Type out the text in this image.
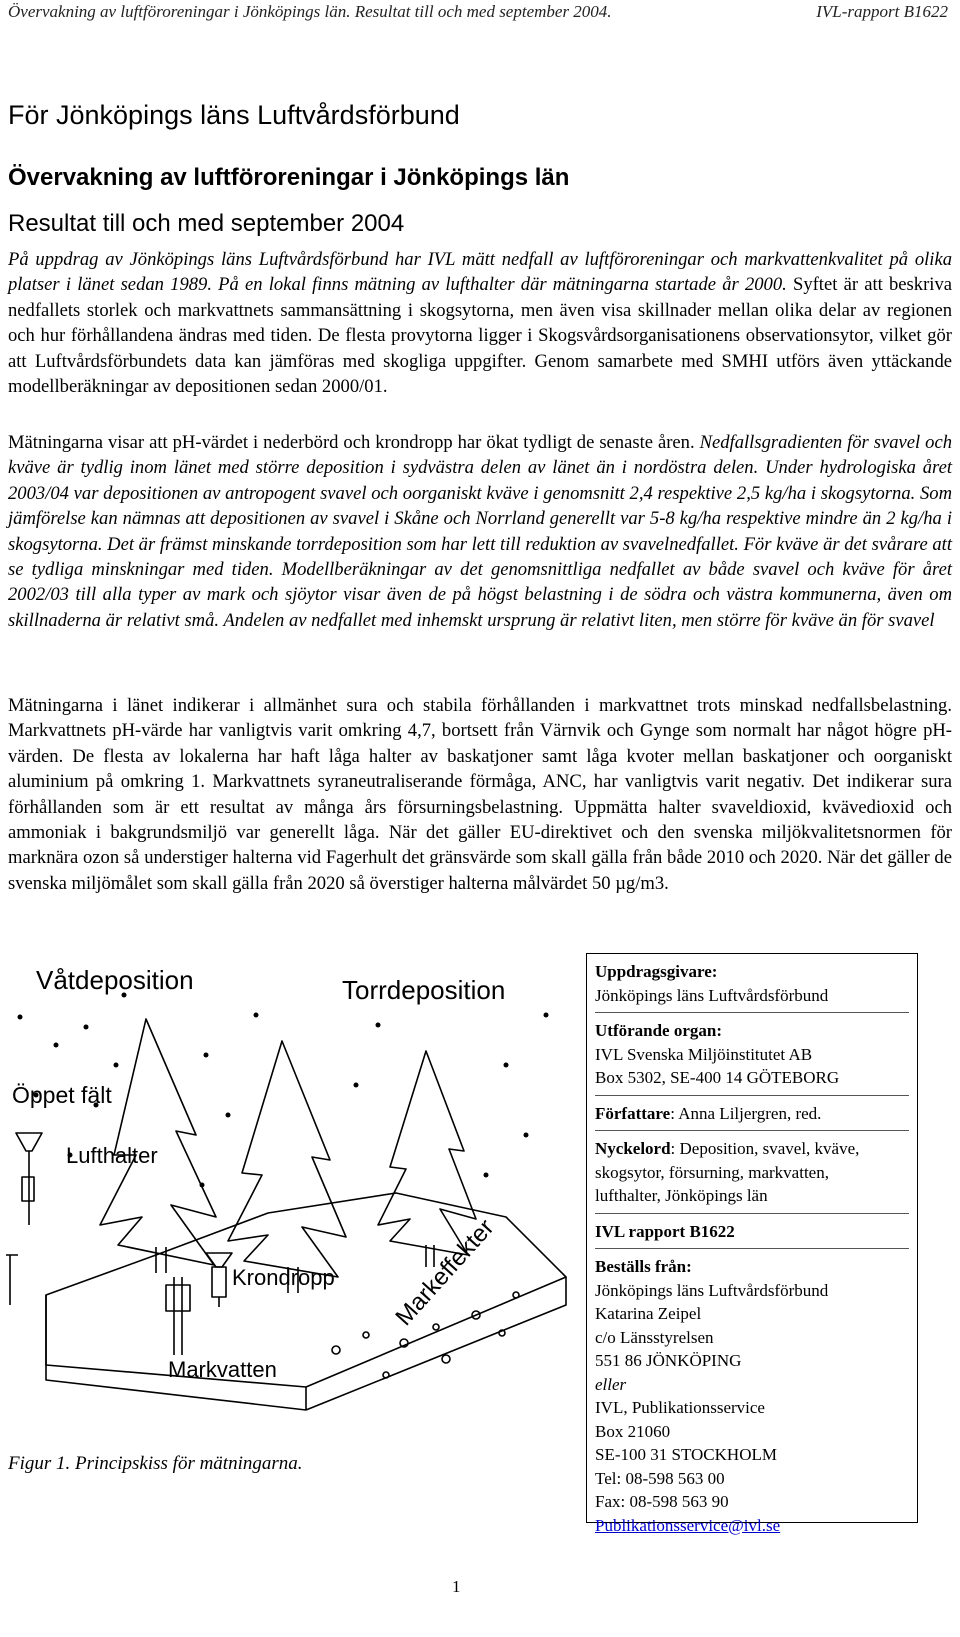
Övervakning av luftföroreningar i Jönköpings län. Resultat till och med september 2004.	IVL-rapport B1622
För Jönköpings läns Luftvårdsförbund
Övervakning av luftföroreningar i Jönköpings län
Resultat till och med september 2004

På uppdrag av Jönköpings läns Luftvårdsförbund har IVL mätt nedfall av luftföroreningar och markvattenkvalitet på olika platser i länet sedan 1989. På en lokal finns mätning av lufthalter där mätningarna startade år 2000. Syftet är att beskriva nedfallets storlek och markvattnets sammansättning i skogsytorna, men även visa skillnader mellan olika delar av regionen och hur förhållandena ändras med tiden. De flesta provytorna ligger i Skogsvårdsorganisationens observationsytor, vilket gör att Luftvårdsförbundets data kan jämföras med skogliga uppgifter. Genom samarbete med SMHI utförs även yttäckande modellberäkningar av depositionen sedan 2000/01.

Mätningarna visar att pH-värdet i nederbörd och krondropp har ökat tydligt de senaste åren. Nedfallsgradienten för svavel och kväve är tydlig inom länet med större deposition i sydvästra delen av länet än i nordöstra delen. Under hydrologiska året 2003/04 var depositionen av antropogent svavel och oorganiskt kväve i genomsnitt 2,4 respektive 2,5 kg/ha i skogsytorna. Som jämförelse kan nämnas att depositionen av svavel i Skåne och Norrland generellt var 5-8 kg/ha respektive mindre än 2 kg/ha i skogsytorna. Det är främst minskande torrdeposition som har lett till reduktion av svavelnedfallet. För kväve är det svårare att se tydliga minskningar med tiden. Modellberäkningar av det genomsnittliga nedfallet av både svavel och kväve för året 2002/03 till alla typer av mark och sjöytor visar även de på högst belastning i de södra och västra kommunerna, även om skillnaderna är relativt små. Andelen av nedfallet med inhemskt ursprung är relativt liten, men större för kväve än för svavel

Mätningarna i länet indikerar i allmänhet sura och stabila förhållanden i markvattnet trots minskad nedfallsbelastning. Markvattnets pH-värde har vanligtvis varit omkring 4,7, bortsett från Värnvik och Gynge som normalt har något högre pH-värden. De flesta av lokalerna har haft låga halter av baskatjoner samt låga kvoter mellan baskatjoner och oorganiskt aluminium på omkring 1. Markvattnets syraneutraliserande förmåga, ANC, har vanligtvis varit negativ. Det indikerar sura förhållanden som är ett resultat av många års försurningsbelastning. Uppmätta halter svaveldioxid, kvävedioxid och ammoniak i bakgrundsmiljö var generellt låga. När det gäller EU-direktivet och den svenska miljökvalitetsnormen för marknära ozon så understiger halterna vid Fagerhult det gränsvärde som skall gälla från både 2010 och 2020. När det gäller de svenska miljömålet som skall gälla från 2020 så överstiger halterna målvärdet 50 µg/m3.

Våtdeposition	Torrdeposition
Öppet fält
Lufthalter
Krondropp
Markvatten
Markeffekter

Figur 1. Principskiss för mätningarna.

Uppdragsgivare:
Jönköpings läns Luftvårdsförbund
Utförande organ:
IVL Svenska Miljöinstitutet AB
Box 5302, SE-400 14 GÖTEBORG
Författare: Anna Liljergren, red.
Nyckelord: Deposition, svavel, kväve,
skogsytor, försurning, markvatten,
lufthalter, Jönköpings län
IVL rapport B1622
Beställs från:
Jönköpings läns Luftvårdsförbund
Katarina Zeipel
c/o Länsstyrelsen
551 86 JÖNKÖPING
eller
IVL, Publikationsservice
Box 21060
SE-100 31 STOCKHOLM
Tel: 08-598 563 00
Fax: 08-598 563 90
Publikationsservice@ivl.se
1
